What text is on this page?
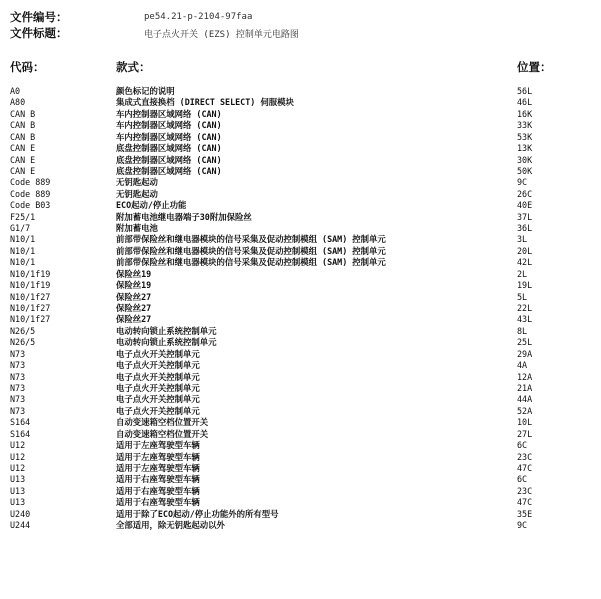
文件编号：	pe54.21-p-2104-97faa
文件标题：	电子点火开关 (EZS) 控制单元电路图
代码：	款式：	位置：
A0	颜色标记的说明	56L
A80	集成式直接换档 (DIRECT SELECT) 伺服模块	46L
CAN B	车内控制器区域网络 (CAN)	16K
CAN B	车内控制器区域网络 (CAN)	33K
CAN B	车内控制器区域网络 (CAN)	53K
CAN E	底盘控制器区域网络 (CAN)	13K
CAN E	底盘控制器区域网络 (CAN)	30K
CAN E	底盘控制器区域网络 (CAN)	50K
Code 889	无钥匙起动	9C
Code 889	无钥匙起动	26C
Code B03	ECO起动/停止功能	40E
F25/1	附加蓄电池继电器端子30附加保险丝	37L
G1/7	附加蓄电池	36L
N10/1	前部带保险丝和继电器模块的信号采集及促动控制模组 (SAM) 控制单元	3L
N10/1	前部带保险丝和继电器模块的信号采集及促动控制模组 (SAM) 控制单元	20L
N10/1	前部带保险丝和继电器模块的信号采集及促动控制模组 (SAM) 控制单元	42L
N10/1f19	保险丝19	2L
N10/1f19	保险丝19	19L
N10/1f27	保险丝27	5L
N10/1f27	保险丝27	22L
N10/1f27	保险丝27	43L
N26/5	电动转向锁止系统控制单元	8L
N26/5	电动转向锁止系统控制单元	25L
N73	电子点火开关控制单元	29A
N73	电子点火开关控制单元	4A
N73	电子点火开关控制单元	12A
N73	电子点火开关控制单元	21A
N73	电子点火开关控制单元	44A
N73	电子点火开关控制单元	52A
S164	自动变速箱空档位置开关	10L
S164	自动变速箱空档位置开关	27L
U12	适用于左座驾驶型车辆	6C
U12	适用于左座驾驶型车辆	23C
U12	适用于左座驾驶型车辆	47C
U13	适用于右座驾驶型车辆	6C
U13	适用于右座驾驶型车辆	23C
U13	适用于右座驾驶型车辆	47C
U240	适用于除了ECO起动/停止功能外的所有型号	35E
U244	全部适用，除无钥匙起动以外	9C
